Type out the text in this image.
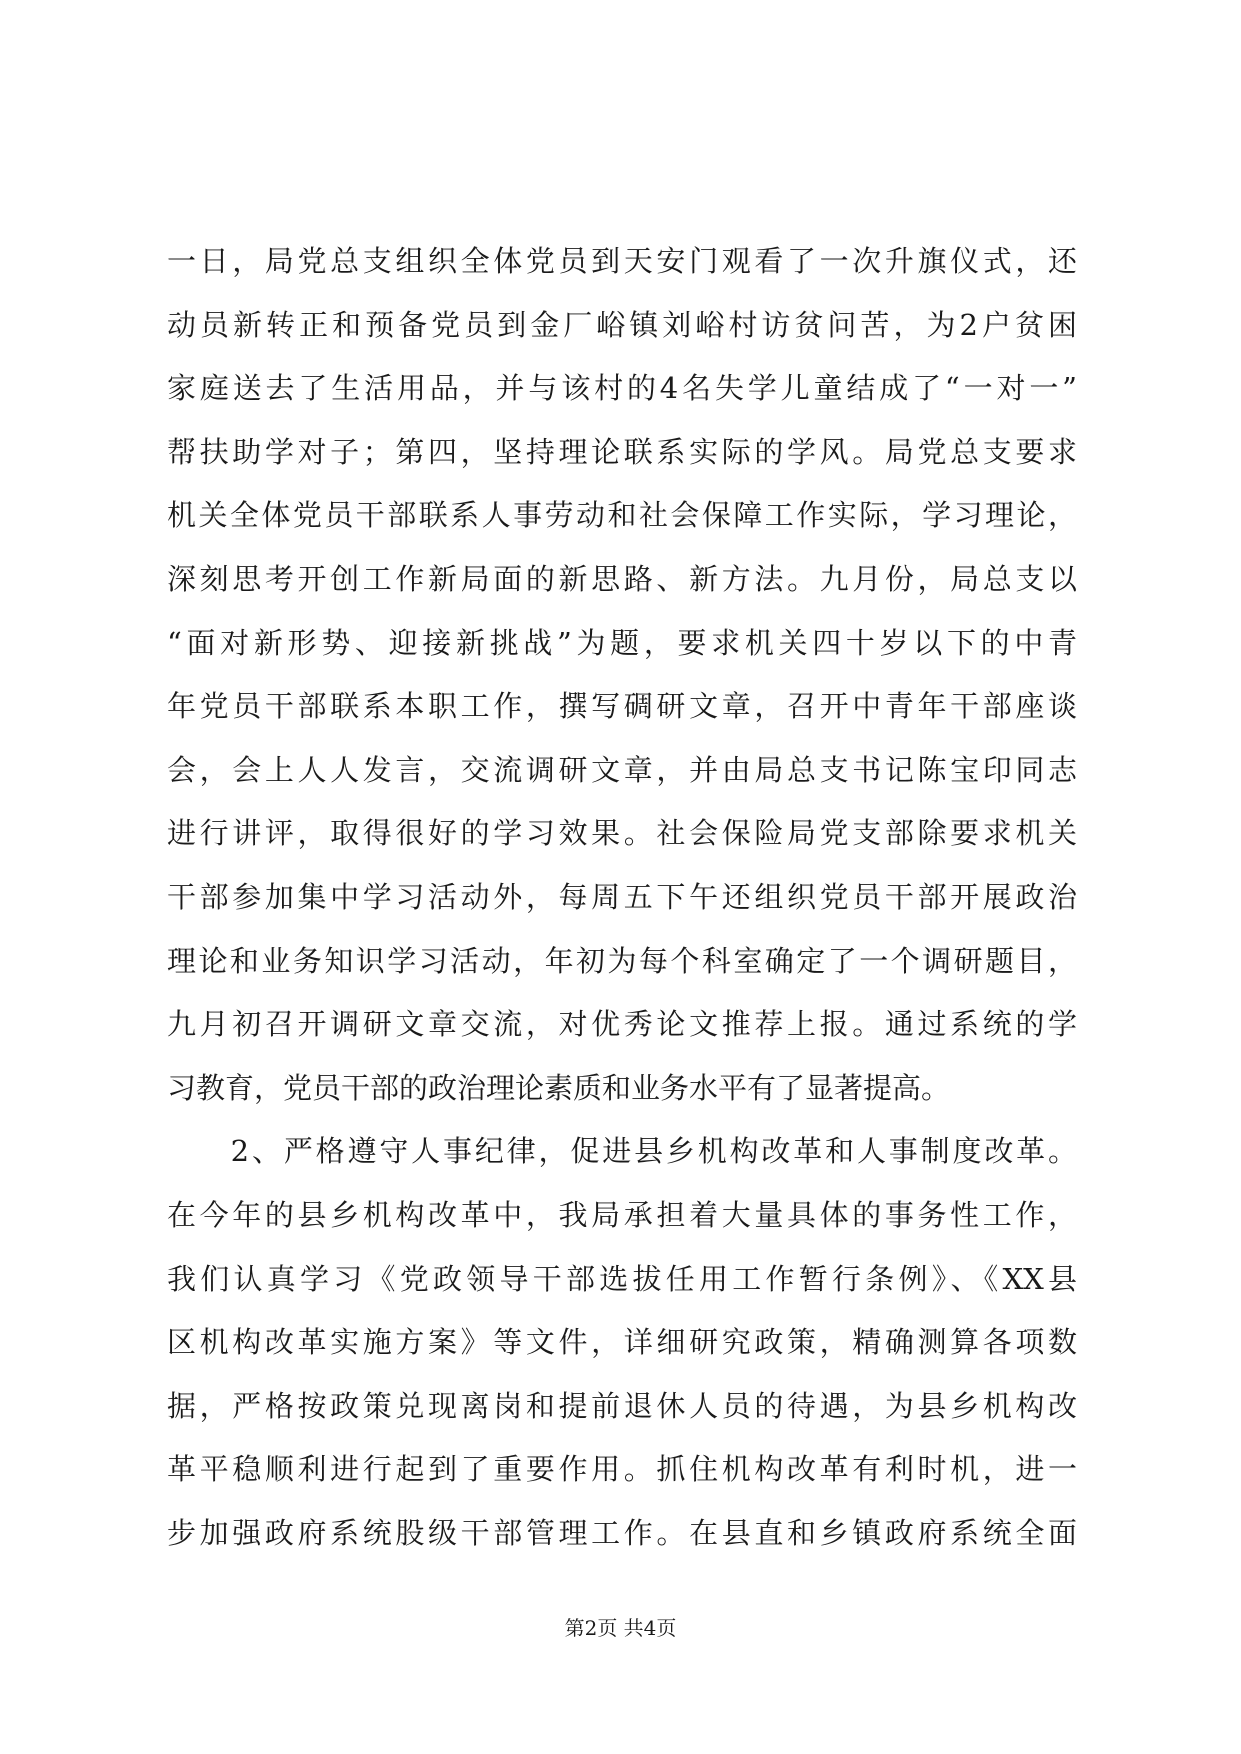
一日，局党总支组织全体党员到天安门观看了一次升旗仪式，还
动员新转正和预备党员到金厂峪镇刘峪村访贫问苦，为2户贫困
家庭送去了生活用品，并与该村的4名失学儿童结成了“一对一”
帮扶助学对子；第四，坚持理论联系实际的学风。局党总支要求
机关全体党员干部联系人事劳动和社会保障工作实际，学习理论，
深刻思考开创工作新局面的新思路、新方法。九月份，局总支以
“面对新形势、迎接新挑战”为题，要求机关四十岁以下的中青
年党员干部联系本职工作，撰写碉研文章，召开中青年干部座谈
会，会上人人发言，交流调研文章，并由局总支书记陈宝印同志
进行讲评，取得很好的学习效果。社会保险局党支部除要求机关
干部参加集中学习活动外，每周五下午还组织党员干部开展政治
理论和业务知识学习活动，年初为每个科室确定了一个调研题目，
九月初召开调研文章交流，对优秀论文推荐上报。通过系统的学
习教育，党员干部的政治理论素质和业务水平有了显著提高。
　　2、严格遵守人事纪律，促进县乡机构改革和人事制度改革。
在今年的县乡机构改革中，我局承担着大量具体的事务性工作，
我们认真学习《党政领导干部选拔任用工作暂行条例》、《XX县
区机构改革实施方案》等文件，详细研究政策，精确测算各项数
据，严格按政策兑现离岗和提前退休人员的待遇，为县乡机构改
革平稳顺利进行起到了重要作用。抓住机构改革有利时机，进一
步加强政府系统股级干部管理工作。在县直和乡镇政府系统全面
第2页 共4页
